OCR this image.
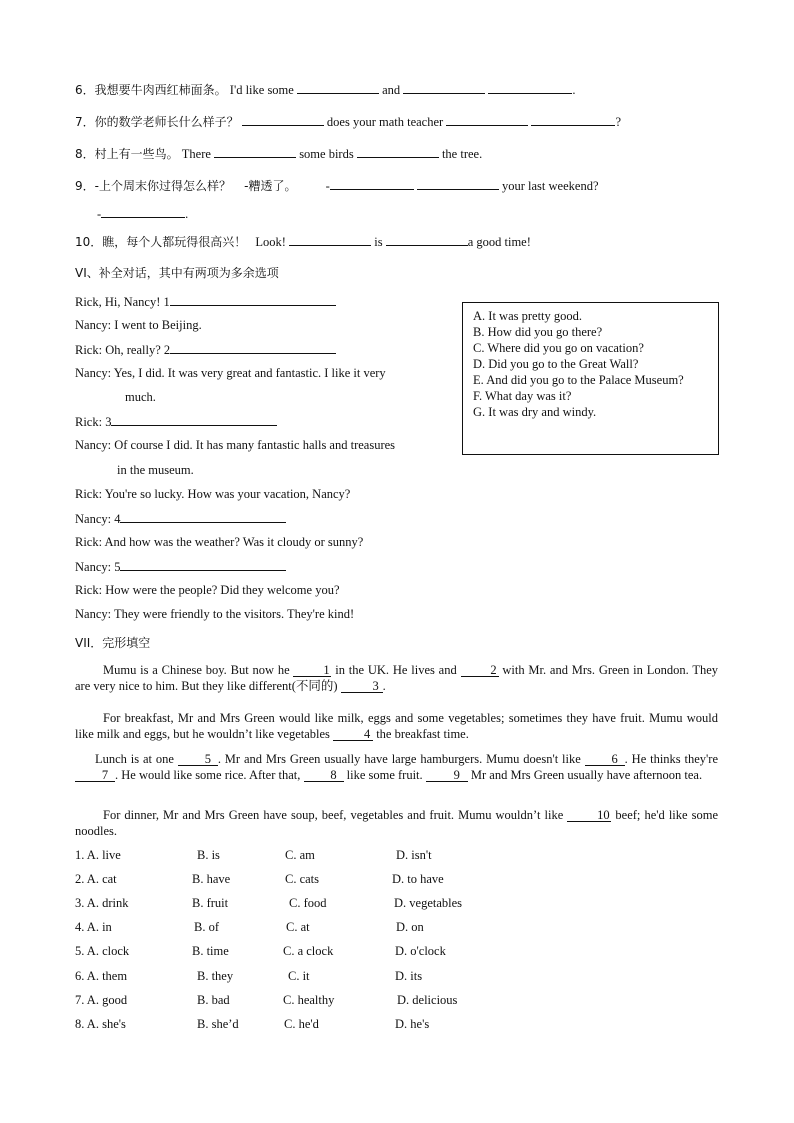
6．我想要牛肉西红柿面条。 I'd like some	and	.
7．你的数学老师长什么样子？	does your math teacher	?
8．村上有一些鸟。 There	some birds	the tree.
9．-上个周末你过得怎么样？ -糟透了。 -	your last weekend?
-	.
10．瞧，每个人都玩得很高兴！ Look!	is	a good time!
VI、补全对话，其中有两项为多余选项
Rick, Hi, Nancy! 1
Nancy: I went to Beijing.
Rick: Oh, really? 2
Nancy: Yes, I did. It was very great and fantastic. I like it very
much.
Rick: 3
Nancy: Of course I did. It has many fantastic halls and treasures
in the museum.
Rick: You're so lucky. How was your vacation, Nancy?
Nancy: 4
Rick: And how was the weather? Was it cloudy or sunny?
Nancy: 5
Rick: How were the people? Did they welcome you?
Nancy: They were friendly to the visitors. They're kind!
A. It was pretty good.
B. How did you go there?
C. Where did you go on vacation?
D. Did you go to the Great Wall?
E. And did you go to the Palace Museum?
F. What day was it?
G. It was dry and windy.
VII．完形填空
Mumu is a Chinese boy. But now he	1 in the UK. He lives and	2 with Mr. and Mrs. Green in London. They are very nice to him. But they like different(不同的)	3 .
For breakfast, Mr and Mrs Green would like milk, eggs and some vegetables; sometimes they have fruit. Mumu would like milk and eggs, but he wouldn’t like vegetables	4 the breakfast time.
Lunch is at one 5 . Mr and Mrs Green usually have large hamburgers. Mumu doesn't like 6 . He thinks they're 7 . He would like some rice. After that, 8 like some fruit. 9 Mr and Mrs Green usually have afternoon tea.
For dinner, Mr and Mrs Green have soup, beef, vegetables and fruit. Mumu wouldn’t like	10 beef; he'd like some noodles.
1. A. live	B. is	C. am	D. isn't
2. A. cat	B. have	C. cats	D. to have
3. A. drink	B. fruit	C. food	D. vegetables
4. A. in	B. of	C. at	D. on
5. A. clock	B. time	C. a clock	D. o'clock
6. A. them	B. they	C. it	D. its
7. A. good	B. bad	C. healthy	D. delicious
8. A. she's	B. she’d	C. he'd	D. he's
